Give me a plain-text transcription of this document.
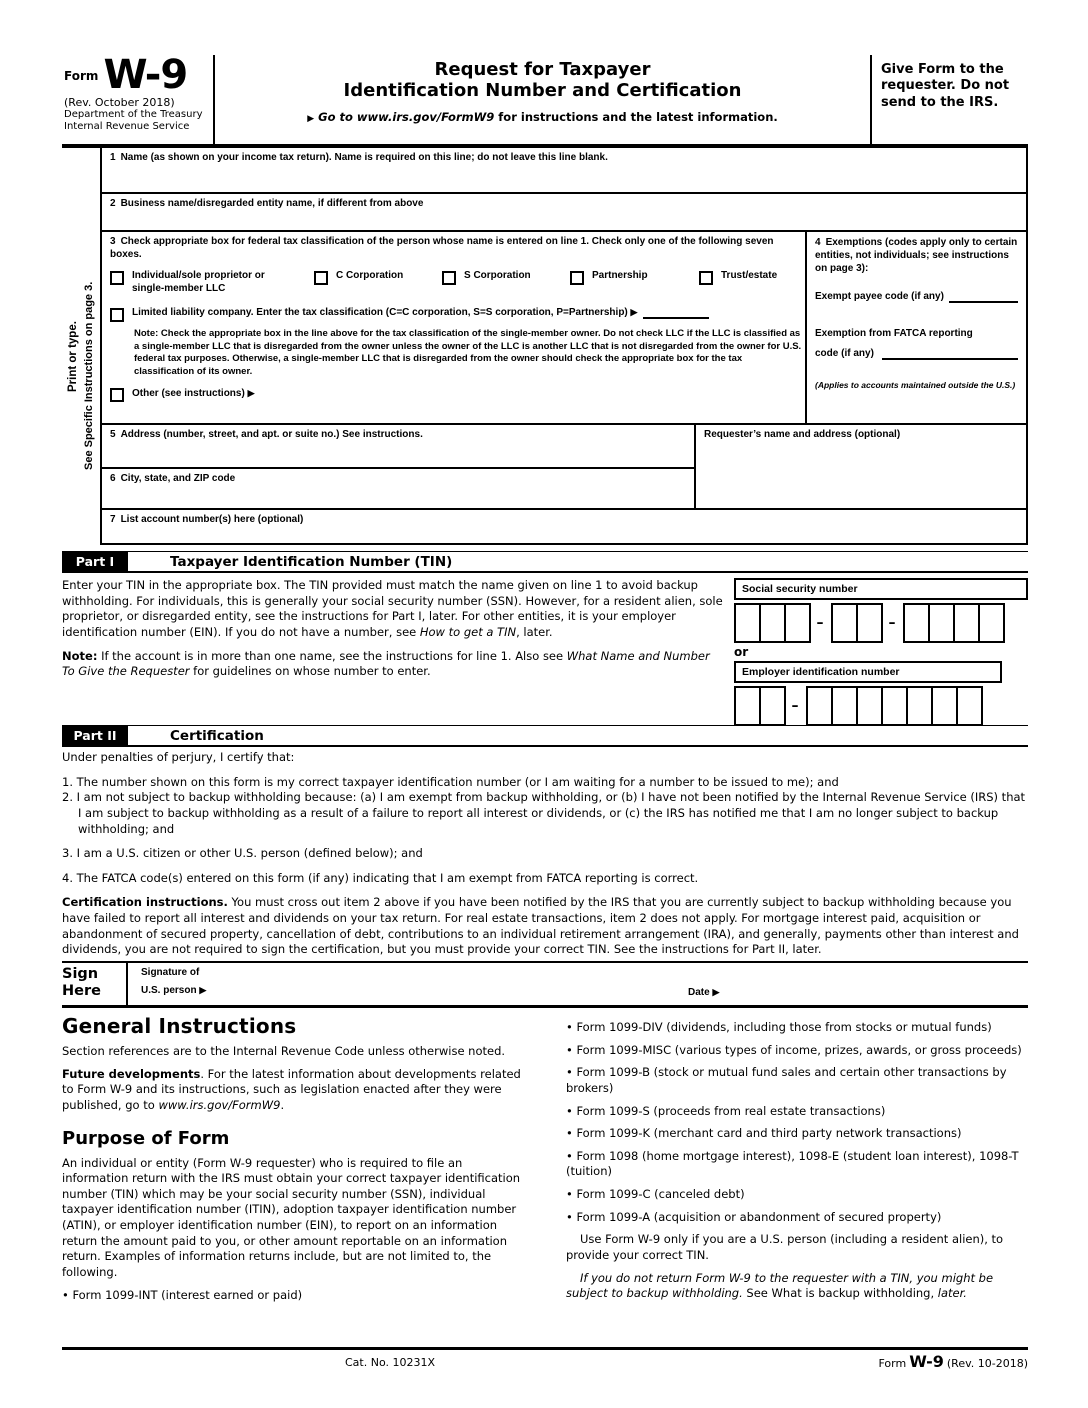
$^{Form}$ W-9
(Rev. October 2018)
Department of the Treasury
Internal Revenue Service
Request for Taxpayer
Identification Number and Certification
▶ Go to www.irs.gov/FormW9 for instructions and the latest information.
Give Form to the requester. Do not send to the IRS.
Print or type. See Specific Instructions on page 3.
1 Name (as shown on your income tax return). Name is required on this line; do not leave this line blank.
2 Business name/disregarded entity name, if different from above
3 Check appropriate box for federal tax classification of the person whose name is entered on line 1. Check only one of the following seven boxes.
Individual/sole proprietor or single-member LLC
C Corporation	S Corporation	Partnership	Trust/estate
Limited liability company. Enter the tax classification (C=C corporation, S=S corporation, P=Partnership) ▶
Note: Check the appropriate box in the line above for the tax classification of the single-member owner. Do not check LLC if the LLC is classified as a single-member LLC that is disregarded from the owner unless the owner of the LLC is another LLC that is not disregarded from the owner for U.S. federal tax purposes. Otherwise, a single-member LLC that is disregarded from the owner should check the appropriate box for the tax classification of its owner.
Other (see instructions) ▶
4 Exemptions (codes apply only to certain entities, not individuals; see instructions on page 3):
Exempt payee code (if any)
Exemption from FATCA reporting
code (if any)
(Applies to accounts maintained outside the U.S.)
5 Address (number, street, and apt. or suite no.) See instructions.
6 City, state, and ZIP code
Requester’s name and address (optional)
7 List account number(s) here (optional)
Part I	Taxpayer Identification Number (TIN)

Enter your TIN in the appropriate box. The TIN provided must match the name given on line 1 to avoid backup withholding. For individuals, this is generally your social security number (SSN). However, for a resident alien, sole proprietor, or disregarded entity, see the instructions for Part I, later. For other entities, it is your employer identification number (EIN). If you do not have a number, see How to get a TIN, later.

Note: If the account is in more than one name, see the instructions for line 1. Also see What Name and Number To Give the Requester for guidelines on whose number to enter.

Social security number
–	–
or
Employer identification number
–
Part II	Certification

Under penalties of perjury, I certify that:

1. The number shown on this form is my correct taxpayer identification number (or I am waiting for a number to be issued to me); and

2. I am not subject to backup withholding because: (a) I am exempt from backup withholding, or (b) I have not been notified by the Internal Revenue Service (IRS) that I am subject to backup withholding as a result of a failure to report all interest or dividends, or (c) the IRS has notified me that I am no longer subject to backup withholding; and

3. I am a U.S. citizen or other U.S. person (defined below); and

4. The FATCA code(s) entered on this form (if any) indicating that I am exempt from FATCA reporting is correct.

Certification instructions. You must cross out item 2 above if you have been notified by the IRS that you are currently subject to backup withholding because you have failed to report all interest and dividends on your tax return. For real estate transactions, item 2 does not apply. For mortgage interest paid, acquisition or abandonment of secured property, cancellation of debt, contributions to an individual retirement arrangement (IRA), and generally, payments other than interest and dividends, you are not required to sign the certification, but you must provide your correct TIN. See the instructions for Part II, later.

Sign
Here
Signature of
U.S. person ▶	Date ▶
General Instructions

Section references are to the Internal Revenue Code unless otherwise noted.

Future developments. For the latest information about developments related to Form W-9 and its instructions, such as legislation enacted after they were published, go to www.irs.gov/FormW9.

Purpose of Form

An individual or entity (Form W-9 requester) who is required to file an information return with the IRS must obtain your correct taxpayer identification number (TIN) which may be your social security number (SSN), individual taxpayer identification number (ITIN), adoption taxpayer identification number (ATIN), or employer identification number (EIN), to report on an information return the amount paid to you, or other amount reportable on an information return. Examples of information returns include, but are not limited to, the following.

• Form 1099-INT (interest earned or paid)

• Form 1099-DIV (dividends, including those from stocks or mutual funds)

• Form 1099-MISC (various types of income, prizes, awards, or gross proceeds)

• Form 1099-B (stock or mutual fund sales and certain other transactions by brokers)

• Form 1099-S (proceeds from real estate transactions)

• Form 1099-K (merchant card and third party network transactions)

• Form 1098 (home mortgage interest), 1098-E (student loan interest), 1098-T (tuition)

• Form 1099-C (canceled debt)

• Form 1099-A (acquisition or abandonment of secured property)

Use Form W-9 only if you are a U.S. person (including a resident alien), to provide your correct TIN.

If you do not return Form W-9 to the requester with a TIN, you might be subject to backup withholding. See What is backup withholding, later.

Cat. No. 10231X	Form W-9 (Rev. 10-2018)
